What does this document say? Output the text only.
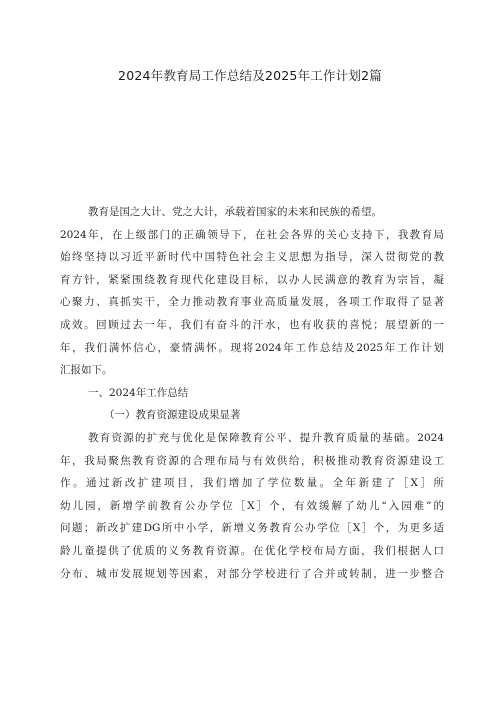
2024年教育局工作总结及2025年工作计划2篇
教育是国之大计、党之大计，承载着国家的未来和民族的希望。
2024年，在上级部门的正确领导下，在社会各界的关心支持下，我教育局
始终坚持以习近平新时代中国特色社会主义思想为指导，深入贯彻党的教
育方针，紧紧围绕教育现代化建设目标，以办人民满意的教育为宗旨，凝
心聚力、真抓实干，全力推动教育事业高质量发展，各项工作取得了显著
成效。回顾过去一年，我们有奋斗的汗水，也有收获的喜悦；展望新的一
年，我们满怀信心，豪情满怀。现将2024年工作总结及2025年工作计划
汇报如下。
一、2024年工作总结
（一）教育资源建设成果显著
教育资源的扩充与优化是保障教育公平、提升教育质量的基础。2024
年，我局聚焦教育资源的合理布局与有效供给，积极推动教育资源建设工
作。通过新改扩建项目，我们增加了学位数量。全年新建了［X］所
幼儿园，新增学前教育公办学位［X］个，有效缓解了幼儿“入园难”的
问题；新改扩建DG所中小学，新增义务教育公办学位［X］个，为更多适
龄儿童提供了优质的义务教育资源。在优化学校布局方面，我们根据人口
分布、城市发展规划等因素，对部分学校进行了合并或转制，进一步整合
